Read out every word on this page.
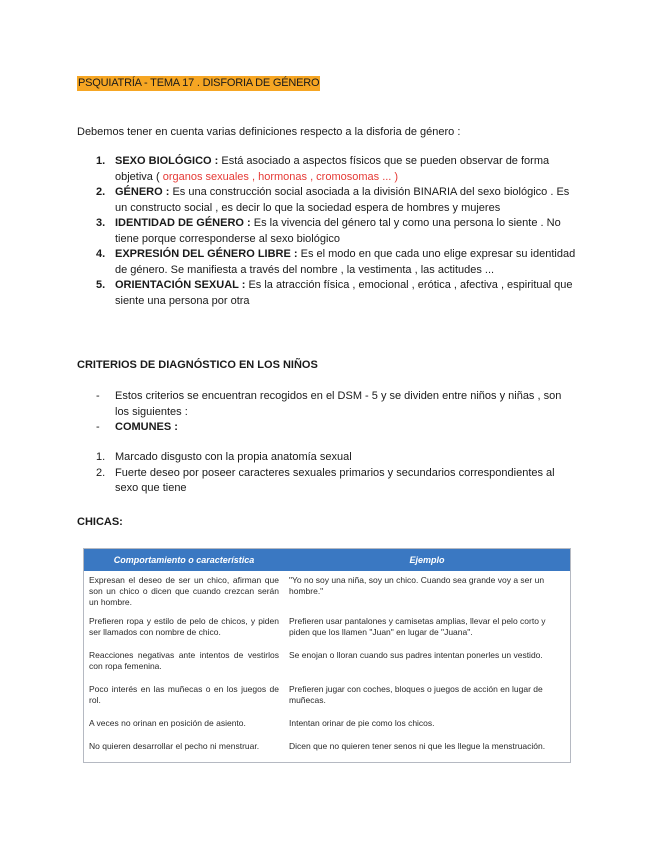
PSQUIATRÍA - TEMA 17 . DISFORIA DE GÉNERO
Debemos tener en cuenta varias definiciones respecto a la disforia de género :
1. SEXO BIOLÓGICO : Está asociado a aspectos físicos que se pueden observar de forma objetiva ( organos sexuales , hormonas , cromosomas ... )
2. GÉNERO : Es una construcción social asociada a la división BINARIA del sexo biológico . Es un constructo social , es decir lo que la sociedad espera de hombres y mujeres
3. IDENTIDAD DE GÉNERO : Es la vivencia del género tal y como una persona lo siente . No tiene porque corresponderse al sexo biológico
4. EXPRESIÓN DEL GÉNERO LIBRE : Es el modo en que cada uno elige expresar su identidad de género. Se manifiesta a través del nombre , la vestimenta , las actitudes ...
5. ORIENTACIÓN SEXUAL : Es la atracción física , emocional , erótica , afectiva , espiritual que siente una persona por otra
CRITERIOS DE DIAGNÓSTICO EN LOS NIÑOS
- Estos criterios se encuentran recogidos en el DSM - 5 y se dividen entre niños y niñas , son los siguientes :
- COMUNES :
1. Marcado disgusto con la propia anatomía sexual
2. Fuerte deseo por poseer caracteres sexuales primarios y secundarios correspondientes al sexo que tiene
CHICAS:
Comportamiento o característica	Ejemplo
Expresan el deseo de ser un chico, afirman que son un chico o dicen que cuando crezcan serán un hombre.	"Yo no soy una niña, soy un chico. Cuando sea grande voy a ser un hombre."
Prefieren ropa y estilo de pelo de chicos, y piden ser llamados con nombre de chico.	Prefieren usar pantalones y camisetas amplias, llevar el pelo corto y piden que los llamen "Juan" en lugar de "Juana".
Reacciones negativas ante intentos de vestirlos con ropa femenina.	Se enojan o lloran cuando sus padres intentan ponerles un vestido.
Poco interés en las muñecas o en los juegos de rol.	Prefieren jugar con coches, bloques o juegos de acción en lugar de muñecas.
A veces no orinan en posición de asiento.	Intentan orinar de pie como los chicos.
No quieren desarrollar el pecho ni menstruar.	Dicen que no quieren tener senos ni que les llegue la menstruación.
